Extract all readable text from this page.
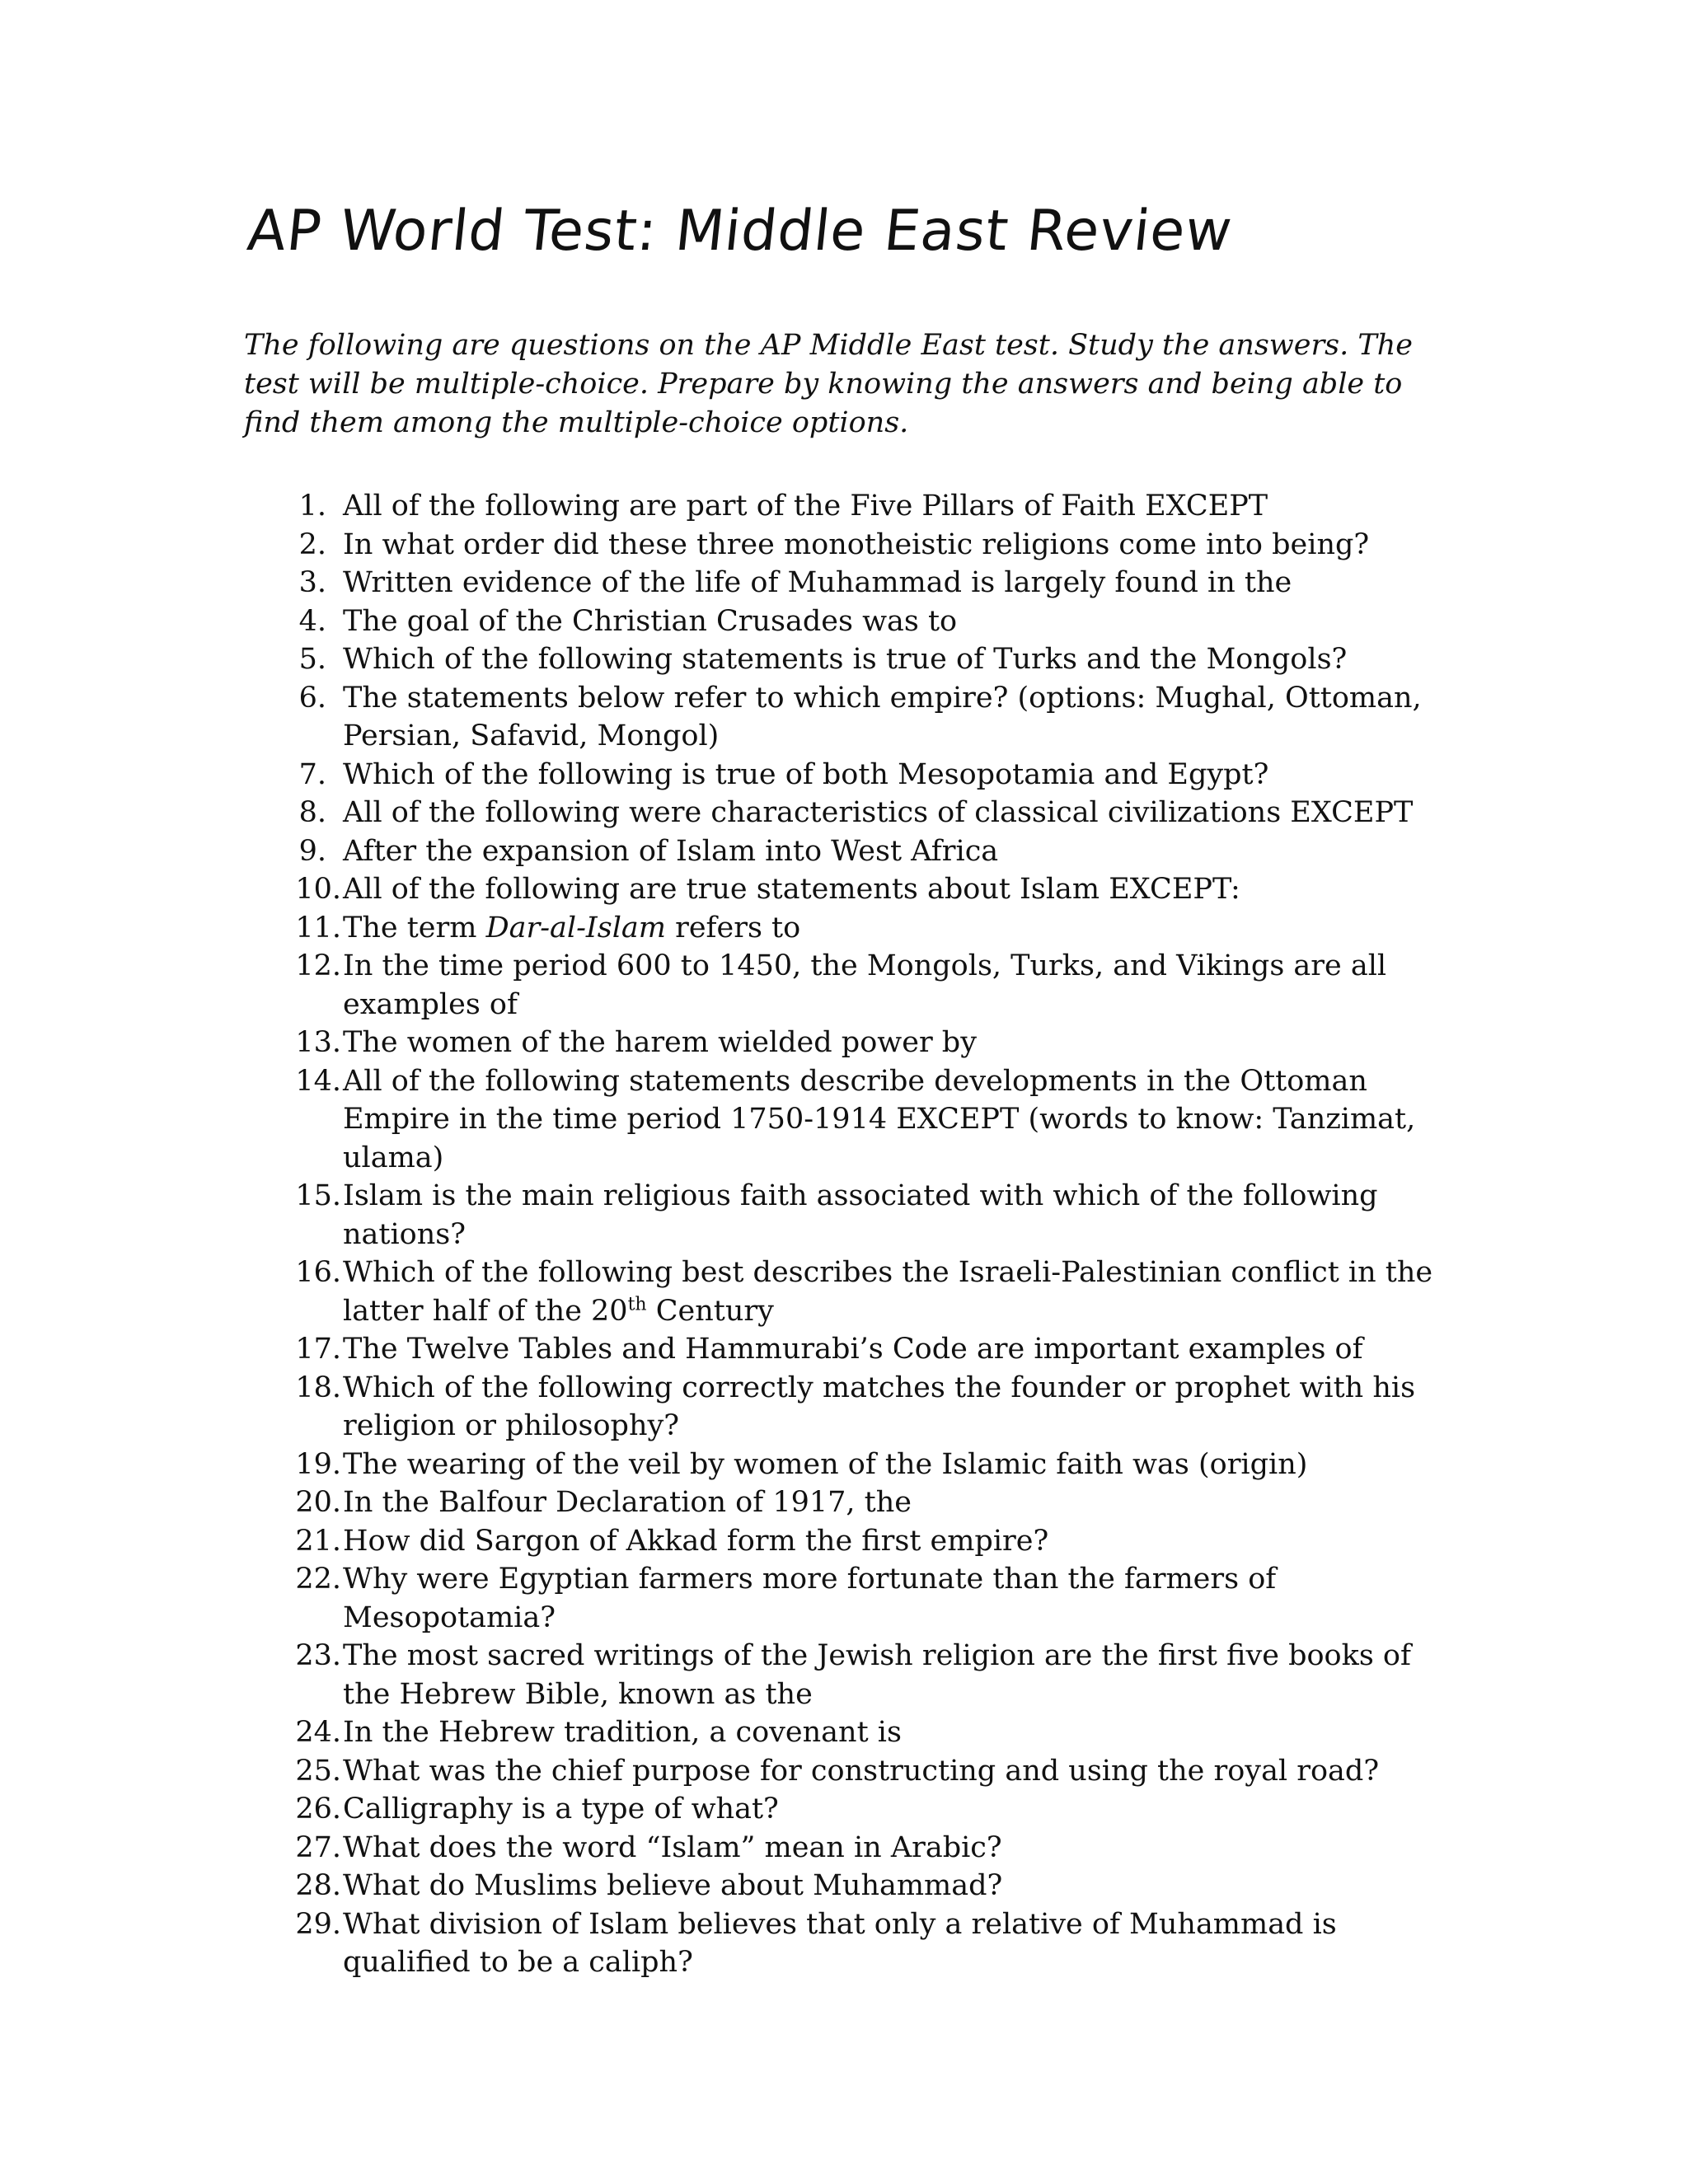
AP World Test: Middle East Review

The following are questions on the AP Middle East test. Study the answers. The test will be multiple-choice. Prepare by knowing the answers and being able to find them among the multiple-choice options.

1. All of the following are part of the Five Pillars of Faith EXCEPT
2. In what order did these three monotheistic religions come into being?
3. Written evidence of the life of Muhammad is largely found in the
4. The goal of the Christian Crusades was to
5. Which of the following statements is true of Turks and the Mongols?
6. The statements below refer to which empire? (options: Mughal, Ottoman, Persian, Safavid, Mongol)
7. Which of the following is true of both Mesopotamia and Egypt?
8. All of the following were characteristics of classical civilizations EXCEPT
9. After the expansion of Islam into West Africa
10. All of the following are true statements about Islam EXCEPT:
11. The term Dar-al-Islam refers to
12. In the time period 600 to 1450, the Mongols, Turks, and Vikings are all examples of
13. The women of the harem wielded power by
14. All of the following statements describe developments in the Ottoman Empire in the time period 1750-1914 EXCEPT (words to know: Tanzimat, ulama)
15. Islam is the main religious faith associated with which of the following nations?
16. Which of the following best describes the Israeli-Palestinian conflict in the latter half of the 20th Century
17. The Twelve Tables and Hammurabi’s Code are important examples of
18. Which of the following correctly matches the founder or prophet with his religion or philosophy?
19. The wearing of the veil by women of the Islamic faith was (origin)
20. In the Balfour Declaration of 1917, the
21. How did Sargon of Akkad form the first empire?
22. Why were Egyptian farmers more fortunate than the farmers of Mesopotamia?
23. The most sacred writings of the Jewish religion are the first five books of the Hebrew Bible, known as the
24. In the Hebrew tradition, a covenant is
25. What was the chief purpose for constructing and using the royal road?
26. Calligraphy is a type of what?
27. What does the word “Islam” mean in Arabic?
28. What do Muslims believe about Muhammad?
29. What division of Islam believes that only a relative of Muhammad is qualified to be a caliph?
